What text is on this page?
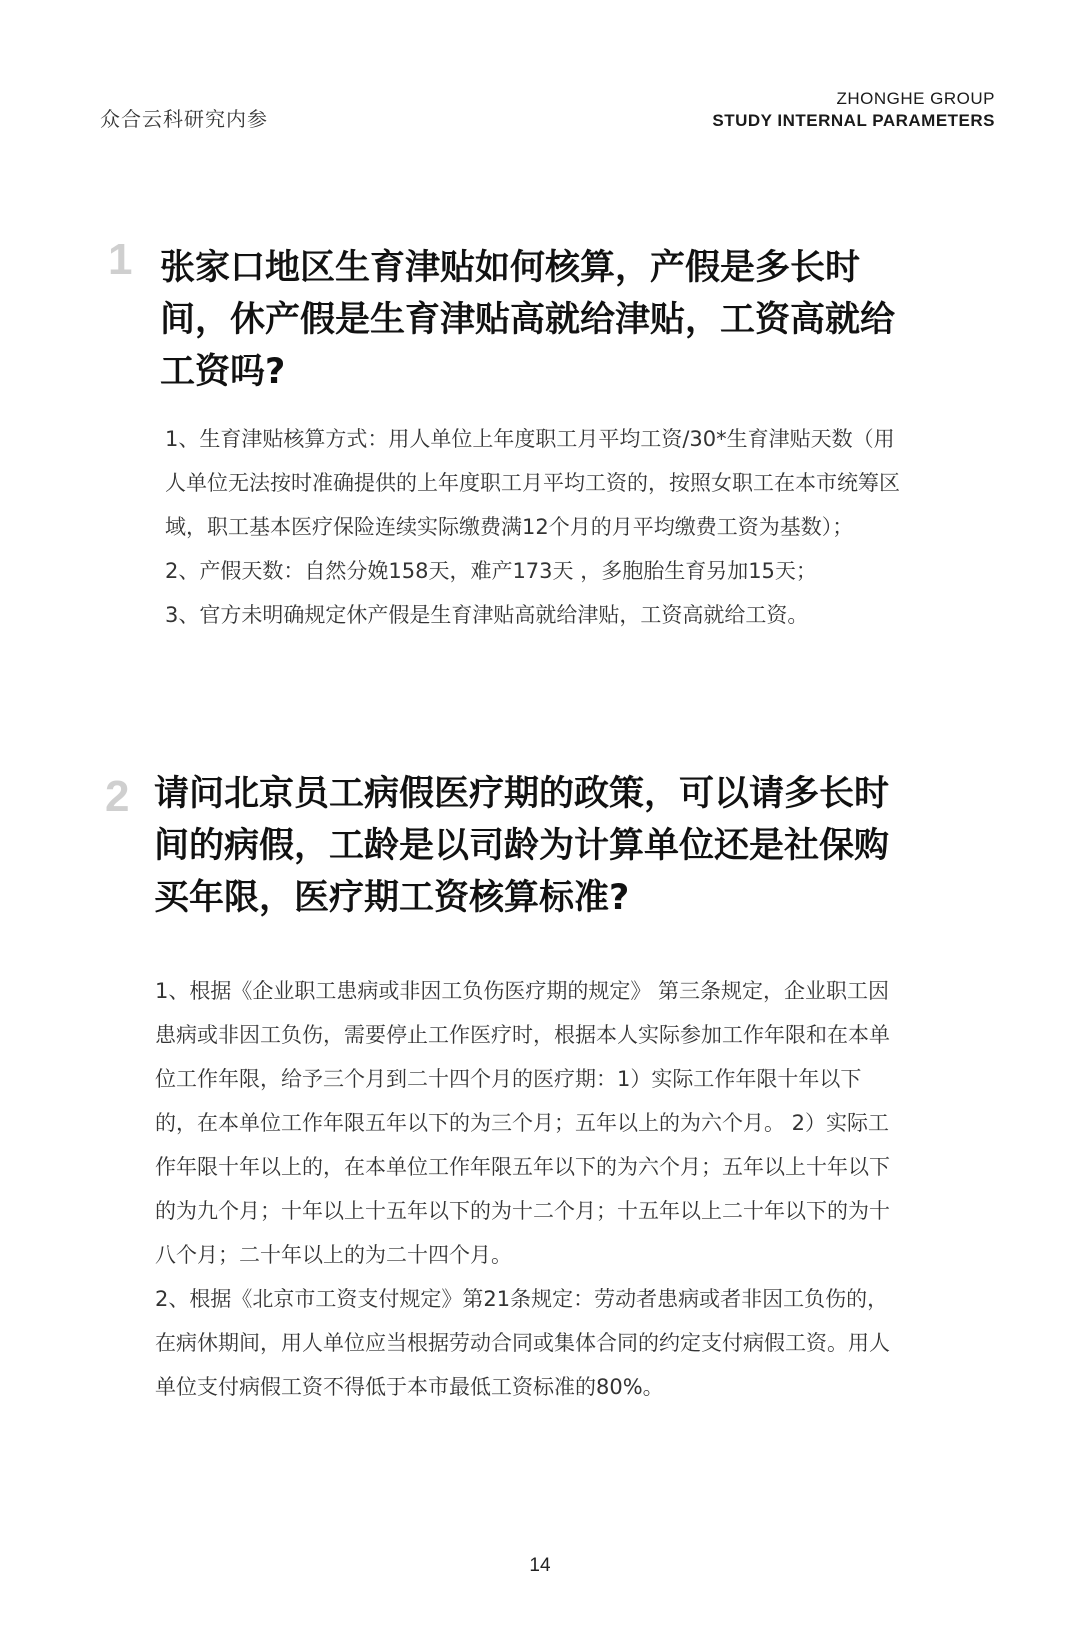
众合云科研究内参
ZHONGHE GROUP
STUDY INTERNAL PARAMETERS
1 张家口地区生育津贴如何核算，产假是多长时间，休产假是生育津贴高就给津贴，工资高就给工资吗?

1、生育津贴核算方式：用人单位上年度职工月平均工资/30*生育津贴天数（用人单位无法按时准确提供的上年度职工月平均工资的，按照女职工在本市统筹区域，职工基本医疗保险连续实际缴费满12个月的月平均缴费工资为基数）；

2、产假天数：自然分娩158天，难产173天 ，多胞胎生育另加15天；

3、官方未明确规定休产假是生育津贴高就给津贴，工资高就给工资。

2 请问北京员工病假医疗期的政策，可以请多长时间的病假，工龄是以司龄为计算单位还是社保购买年限，医疗期工资核算标准?

1、根据《企业职工患病或非因工负伤医疗期的规定》 第三条规定，企业职工因患病或非因工负伤，需要停止工作医疗时，根据本人实际参加工作年限和在本单位工作年限，给予三个月到二十四个月的医疗期：1）实际工作年限十年以下的，在本单位工作年限五年以下的为三个月；五年以上的为六个月。 2）实际工作年限十年以上的，在本单位工作年限五年以下的为六个月；五年以上十年以下的为九个月；十年以上十五年以下的为十二个月；十五年以上二十年以下的为十八个月；二十年以上的为二十四个月。

2、根据《北京市工资支付规定》第21条规定：劳动者患病或者非因工负伤的，在病休期间，用人单位应当根据劳动合同或集体合同的约定支付病假工资。用人单位支付病假工资不得低于本市最低工资标准的80%。

14
